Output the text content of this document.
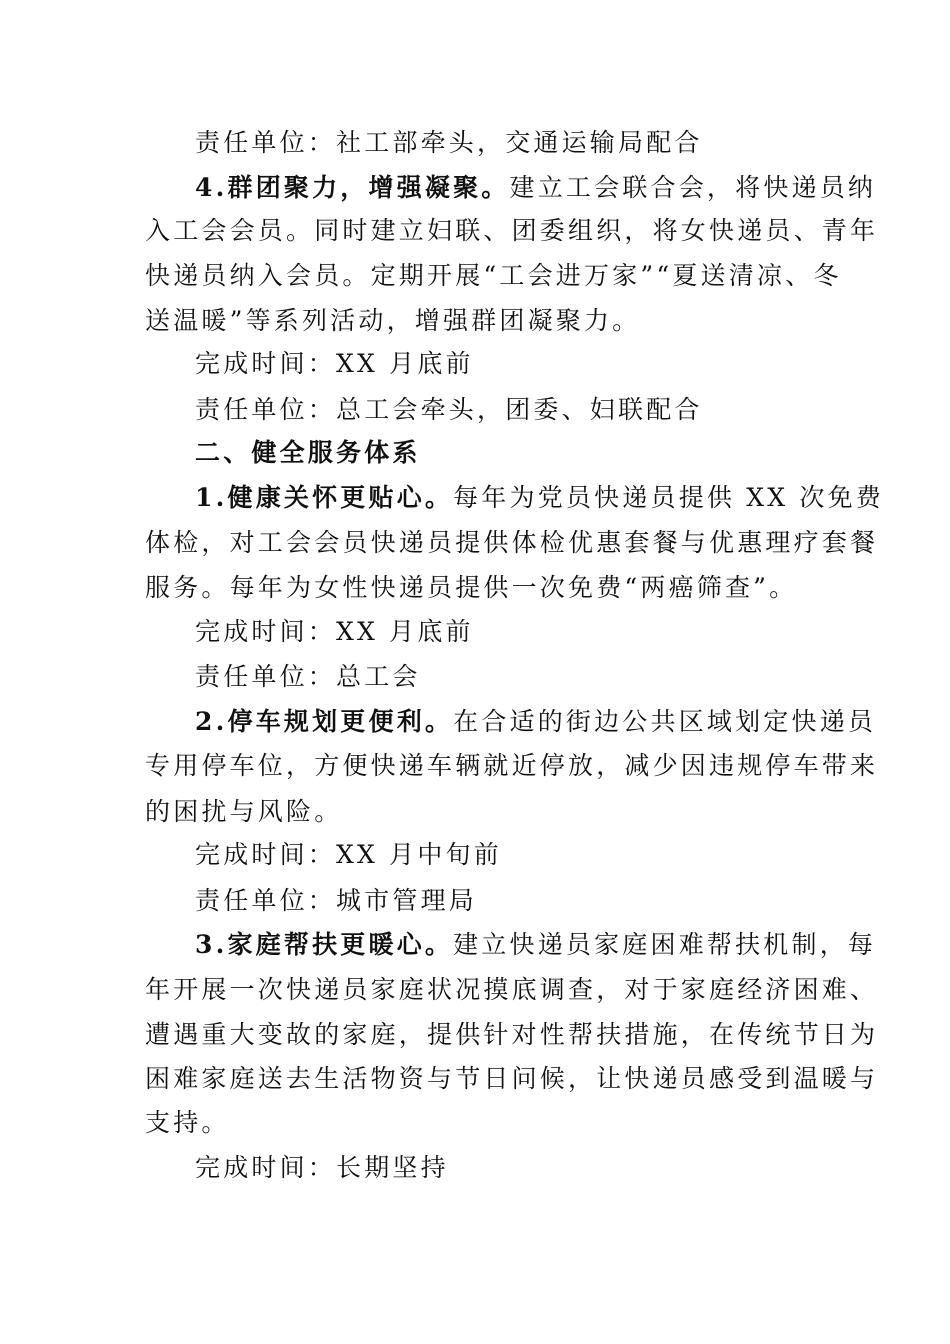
责任单位：社工部牵头，交通运输局配合
4.群团聚力，增强凝聚。建立工会联合会，将快递员纳
入工会会员。同时建立妇联、团委组织，将女快递员、青年
快递员纳入会员。定期开展“工会进万家”“夏送清凉、冬
送温暖”等系列活动，增强群团凝聚力。
完成时间：XX 月底前
责任单位：总工会牵头，团委、妇联配合
二、健全服务体系
1.健康关怀更贴心。每年为党员快递员提供 XX 次免费
体检，对工会会员快递员提供体检优惠套餐与优惠理疗套餐
服务。每年为女性快递员提供一次免费“两癌筛查”。
完成时间：XX 月底前
责任单位：总工会
2.停车规划更便利。在合适的街边公共区域划定快递员
专用停车位，方便快递车辆就近停放，减少因违规停车带来
的困扰与风险。
完成时间：XX 月中旬前
责任单位：城市管理局
3.家庭帮扶更暖心。建立快递员家庭困难帮扶机制，每
年开展一次快递员家庭状况摸底调查，对于家庭经济困难、
遭遇重大变故的家庭，提供针对性帮扶措施，在传统节日为
困难家庭送去生活物资与节日问候，让快递员感受到温暖与
支持。
完成时间：长期坚持
